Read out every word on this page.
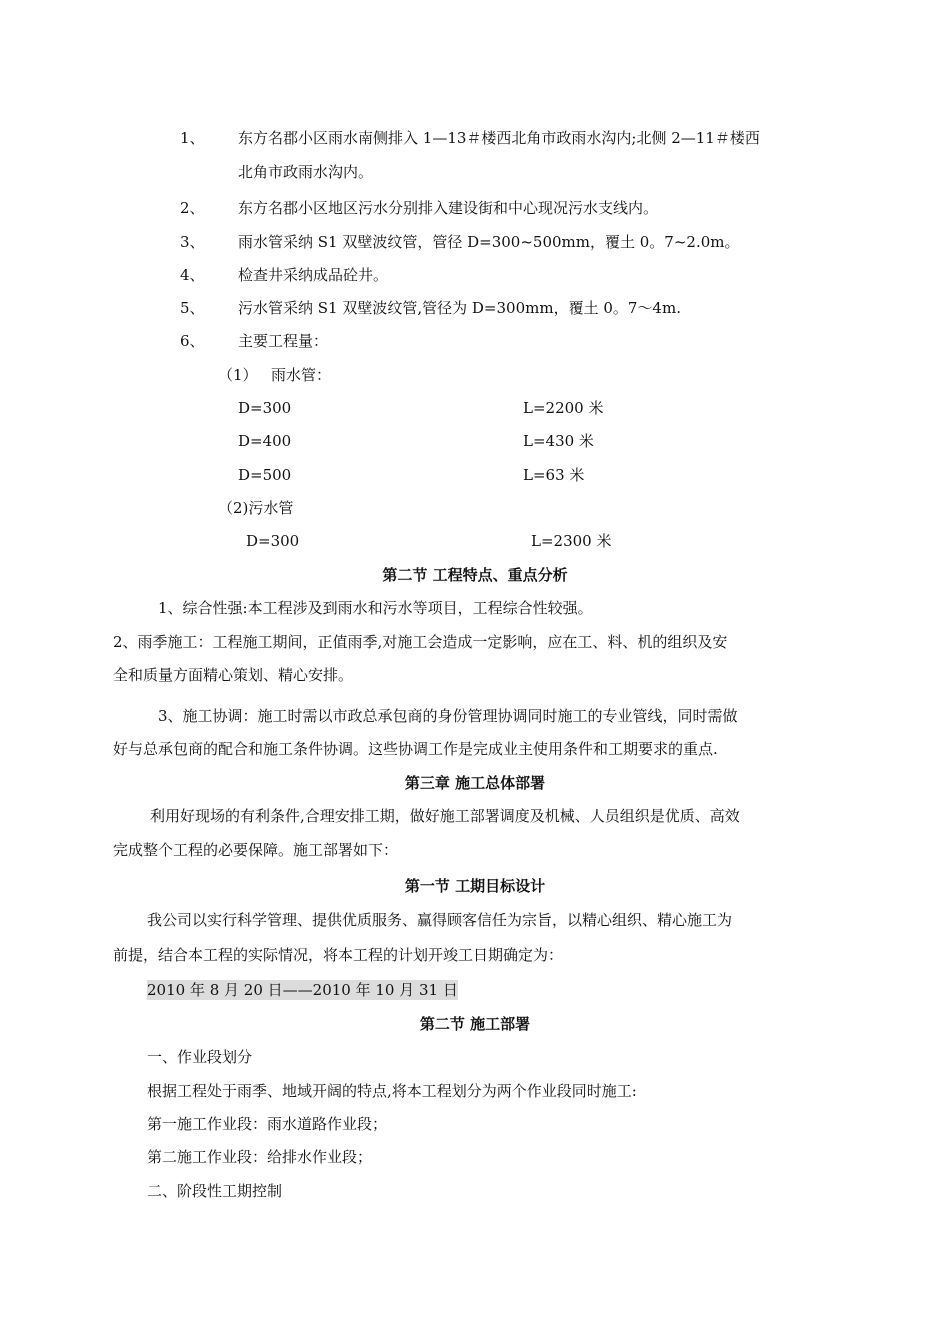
1、 东方名郡小区雨水南侧排入 1—13＃楼西北角市政雨水沟内;北侧 2—11＃楼西
北角市政雨水沟内。
2、 东方名郡小区地区污水分别排入建设街和中心现况污水支线内。
3、 雨水管采纳 S1 双壁波纹管，管径 D=300~500mm，覆土 0。7~2.0m。
4、 检查井采纳成品砼井。
5、 污水管采纳 S1 双壁波纹管,管径为 D=300mm，覆土 0。7～4m.
6、 主要工程量：
（1） 雨水管：
D=300	L=2200 米
D=400	L=430 米
D=500	L=63 米
（2)污水管
D=300	L=2300 米
第二节 工程特点、重点分析
1、综合性强:本工程涉及到雨水和污水等项目，工程综合性较强。
2、雨季施工：工程施工期间，正值雨季,对施工会造成一定影响，应在工、料、机的组织及安
全和质量方面精心策划、精心安排。
3、施工协调：施工时需以市政总承包商的身份管理协调同时施工的专业管线，同时需做
好与总承包商的配合和施工条件协调。这些协调工作是完成业主使用条件和工期要求的重点.
第三章 施工总体部署
利用好现场的有利条件,合理安排工期，做好施工部署调度及机械、人员组织是优质、高效
完成整个工程的必要保障。施工部署如下：
第一节 工期目标设计
我公司以实行科学管理、提供优质服务、赢得顾客信任为宗旨，以精心组织、精心施工为
前提，结合本工程的实际情况，将本工程的计划开竣工日期确定为：
2010 年 8 月 20 日——2010 年 10 月 31 日
第二节 施工部署
一、作业段划分
根据工程处于雨季、地域开阔的特点,将本工程划分为两个作业段同时施工:
第一施工作业段：雨水道路作业段；
第二施工作业段：给排水作业段；
二、阶段性工期控制
